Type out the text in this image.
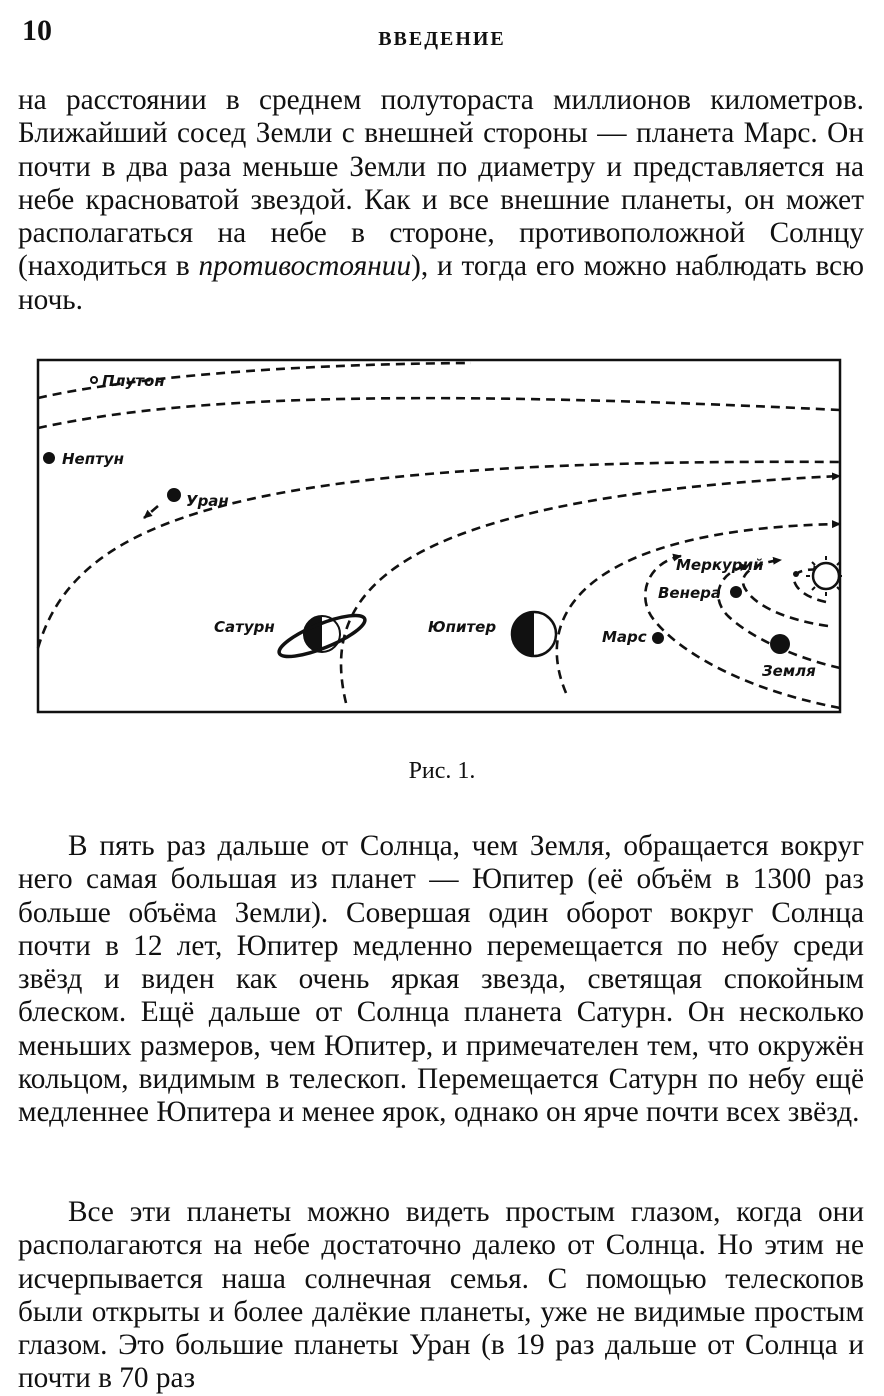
10	ВВЕДЕНИЕ

на расстоянии в среднем полутораста миллионов километров. Ближайший сосед Земли с внешней стороны — планета Марс. Он почти в два раза меньше Земли по диаметру и представляется на небе красноватой звездой. Как и все внешние планеты, он может располагаться на небе в стороне, противоположной Солнцу (находиться в противостоянии), и тогда его можно наблюдать всю ночь.

Плутон
Нептун
Уран
Сатурн	Юпитер
Марс
Меркурий
Венера
Земля
Рис. 1.

В пять раз дальше от Солнца, чем Земля, обращается вокруг него самая большая из планет — Юпитер (её объём в 1300 раз больше объёма Земли). Совершая один оборот вокруг Солнца почти в 12 лет, Юпитер медленно перемещается по небу среди звёзд и виден как очень яркая звезда, светящая спокойным блеском. Ещё дальше от Солнца планета Сатурн. Он несколько меньших размеров, чем Юпитер, и примечателен тем, что окружён кольцом, видимым в телескоп. Перемещается Сатурн по небу ещё медленнее Юпитера и менее ярок, однако он ярче почти всех звёзд.

Все эти планеты можно видеть простым глазом, когда они располагаются на небе достаточно далеко от Солнца. Но этим не исчерпывается наша солнечная семья. С помощью телескопов были открыты и более далёкие планеты, уже не видимые простым глазом. Это большие планеты Уран (в 19 раз дальше от Солнца и почти в 70 раз
